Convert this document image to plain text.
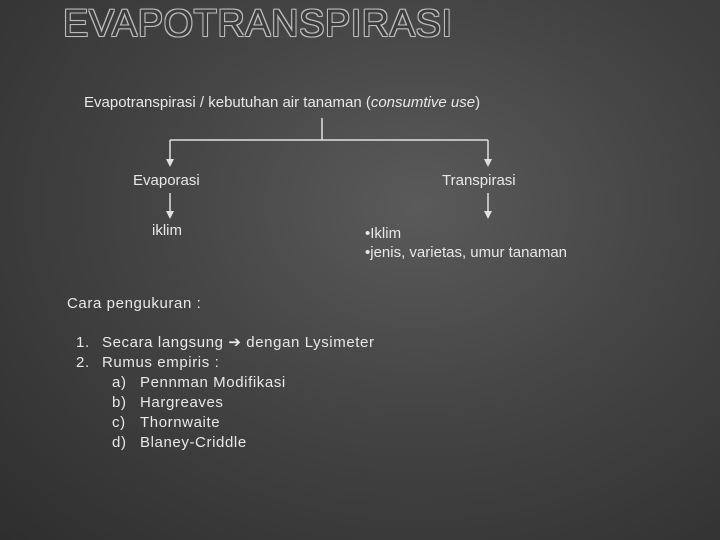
EVAPOTRANSPIRASI
Evapotranspirasi / kebutuhan air tanaman (consumtive use)
Evaporasi	Transpirasi
iklim	•Iklim
•jenis, varietas, umur tanaman
Cara pengukuran :
1. Secara langsung ➔ dengan Lysimeter
2. Rumus empiris :
a) Pennman Modifikasi
b) Hargreaves
c) Thornwaite
d) Blaney-Criddle
